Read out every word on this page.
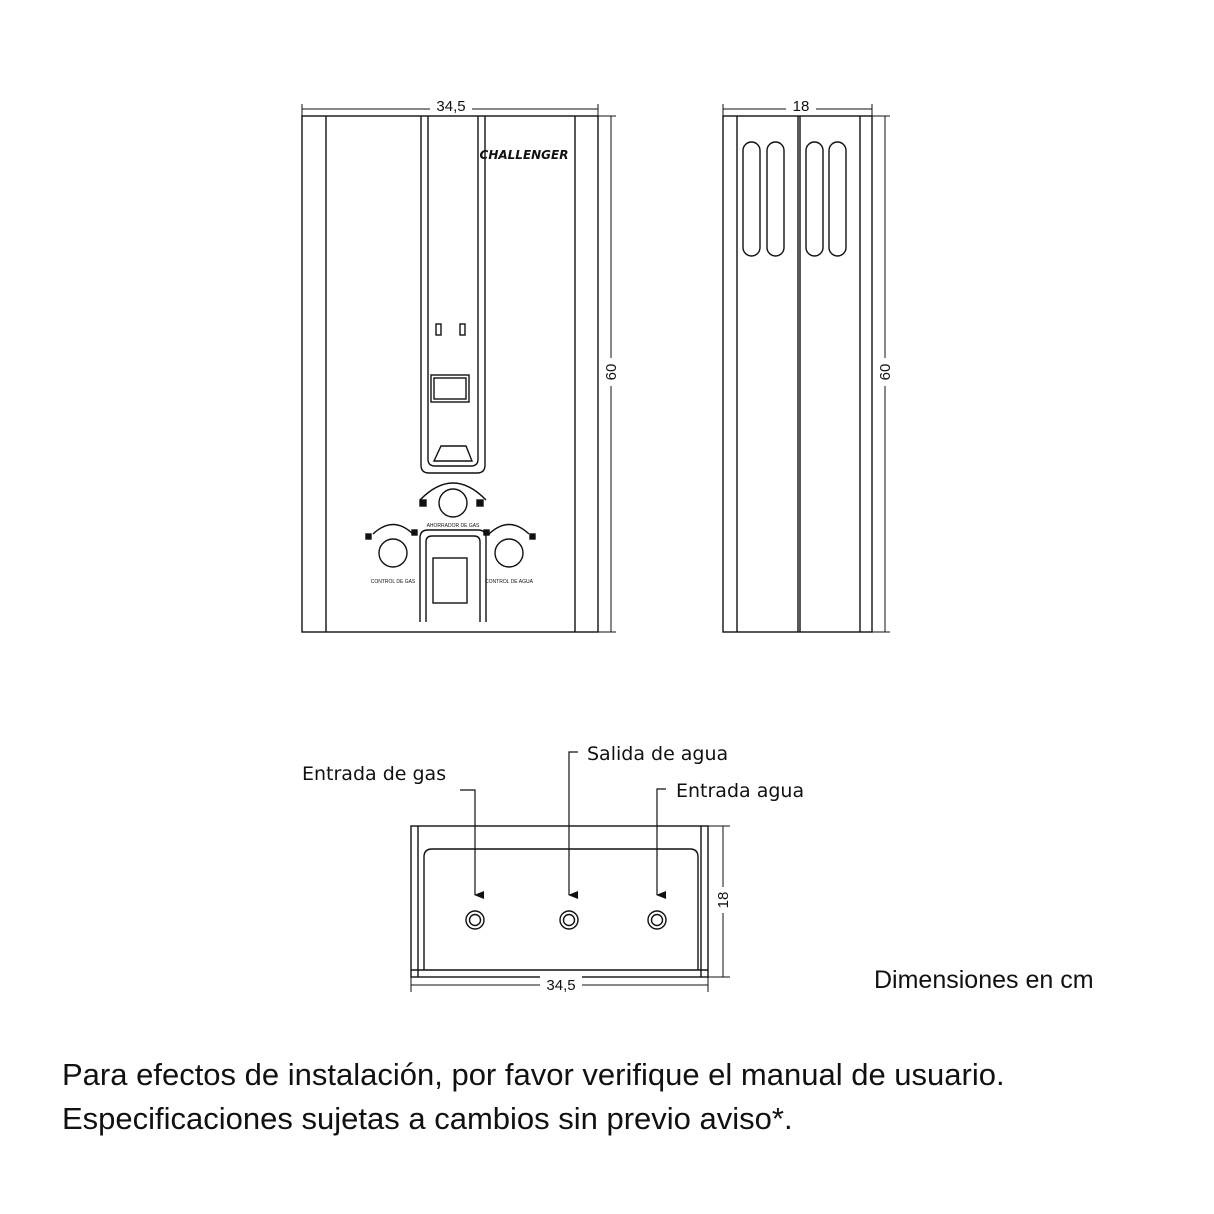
34,5
60
CHALLENGER
AHORRADOR DE GAS
CONTROL DE GAS	CONTROL DE AGUA
18
60
34,5
18
Entrada de gas
Salida de agua
Entrada agua
Dimensiones en cm
Para efectos de instalación, por favor verifique el manual de usuario.
Especificaciones sujetas a cambios sin previo aviso*.
